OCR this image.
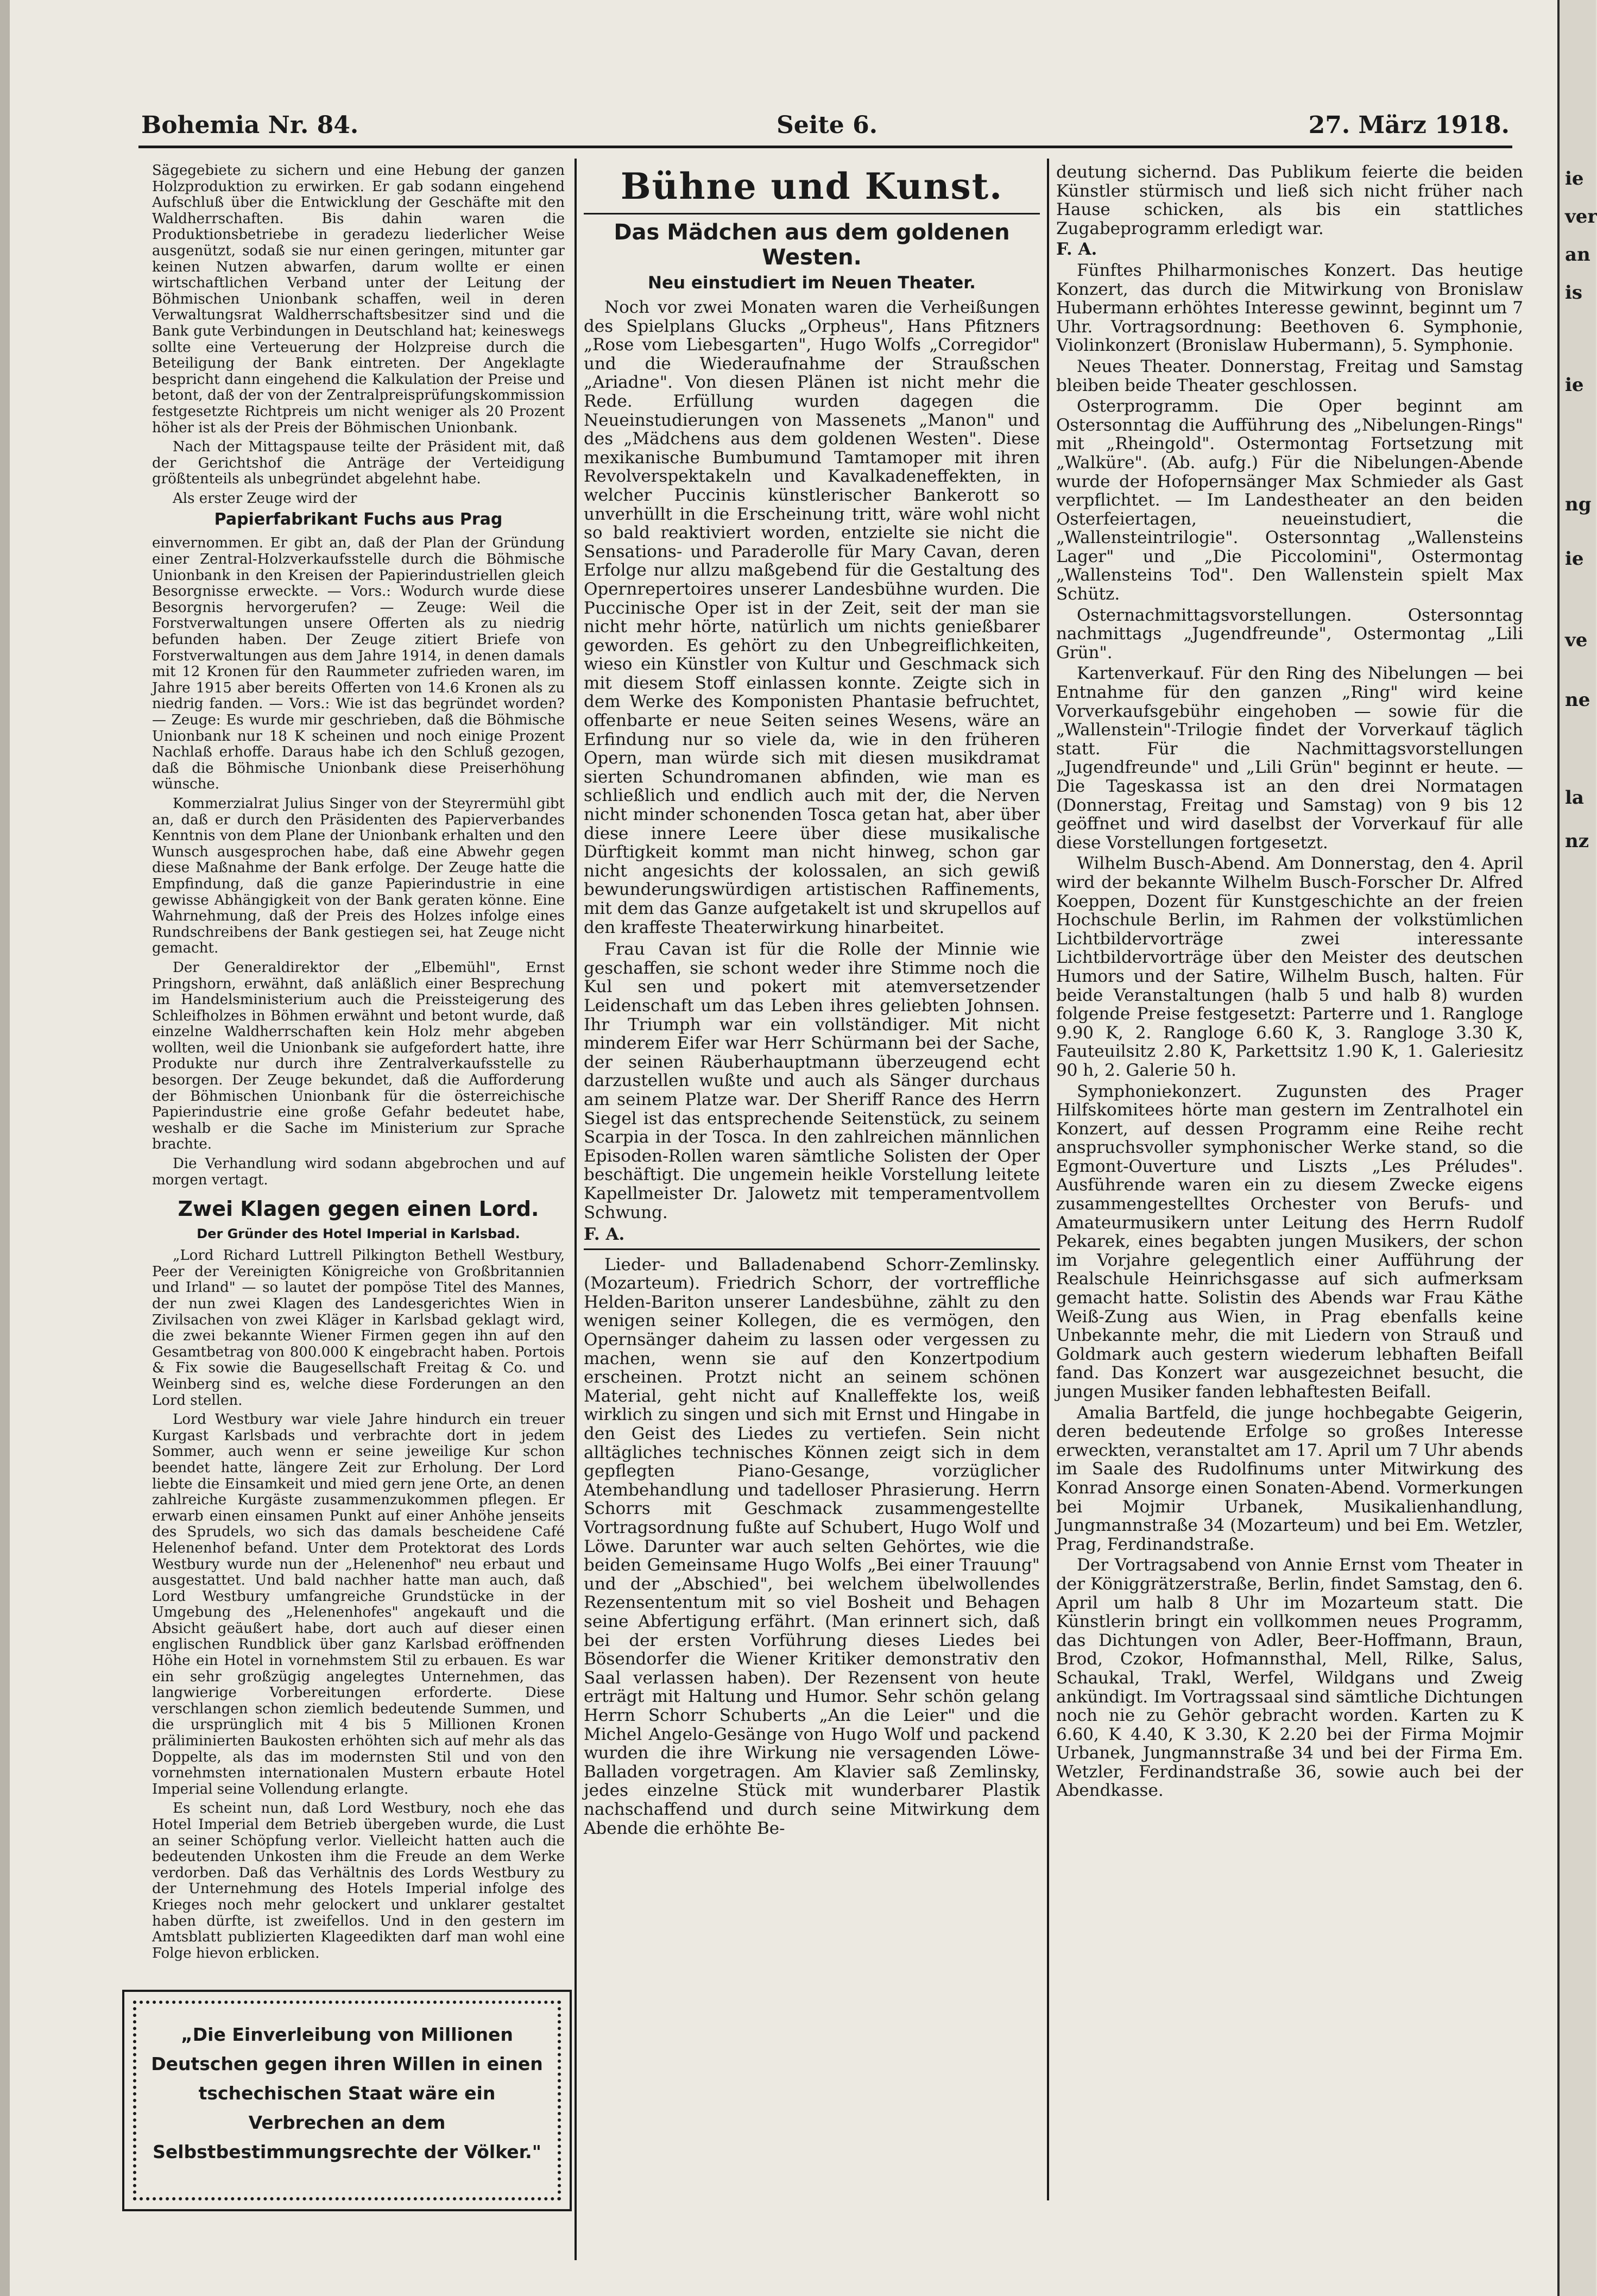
ie
ver
an
is
ie
ng
ie
ve
ne
la
nz
Bohemia Nr. 84.	Seite 6.	27. März 1918.

Sägegebiete zu sichern und eine Hebung der ganzen Holzproduktion zu erwirken. Er gab sodann eingehend Aufschluß über die Entwicklung der Geschäfte mit den Waldherrschaften. Bis dahin waren die Produktionsbetriebe in geradezu liederlicher Weise ausgenützt, sodaß sie nur einen geringen, mitunter gar keinen Nutzen abwarfen, darum wollte er einen wirtschaftlichen Verband unter der Leitung der Böhmischen Unionbank schaffen, weil in deren Verwaltungsrat Waldherrschaftsbesitzer sind und die Bank gute Verbindungen in Deutschland hat; keineswegs sollte eine Verteuerung der Holzpreise durch die Beteiligung der Bank eintreten. Der Angeklagte bespricht dann eingehend die Kalkulation der Preise und betont, daß der von der Zentralpreisprüfungskommission festgesetzte Richtpreis um nicht weniger als 20 Prozent höher ist als der Preis der Böhmischen Unionbank.

Nach der Mittagspause teilte der Präsident mit, daß der Gerichtshof die Anträge der Verteidigung größtenteils als unbegründet abgelehnt habe.

Als erster Zeuge wird der

Papierfabrikant Fuchs aus Prag

einvernommen. Er gibt an, daß der Plan der Gründung einer Zentral-Holzverkaufsstelle durch die Böhmische Unionbank in den Kreisen der Papierindustriellen gleich Besorgnisse erweckte. — Vors.: Wodurch wurde diese Besorgnis hervorgerufen? — Zeuge: Weil die Forstverwaltungen unsere Offerten als zu niedrig befunden haben. Der Zeuge zitiert Briefe von Forstverwaltungen aus dem Jahre 1914, in denen damals mit 12 Kronen für den Raummeter zufrieden waren, im Jahre 1915 aber bereits Offerten von 14.6 Kronen als zu niedrig fanden. — Vors.: Wie ist das begründet worden? — Zeuge: Es wurde mir geschrieben, daß die Böhmische Unionbank nur 18 K scheinen und noch einige Prozent Nachlaß erhoffe. Daraus habe ich den Schluß gezogen, daß die Böhmische Unionbank diese Preiserhöhung wünsche.

Kommerzialrat Julius Singer von der Steyrermühl gibt an, daß er durch den Präsidenten des Papierverbandes Kenntnis von dem Plane der Unionbank erhalten und den Wunsch ausgesprochen habe, daß eine Abwehr gegen diese Maßnahme der Bank erfolge. Der Zeuge hatte die Empfindung, daß die ganze Papierindustrie in eine gewisse Abhängigkeit von der Bank geraten könne. Eine Wahrnehmung, daß der Preis des Holzes infolge eines Rundschreibens der Bank gestiegen sei, hat Zeuge nicht gemacht.

Der Generaldirektor der „Elbemühl", Ernst Pringshorn, erwähnt, daß anläßlich einer Besprechung im Handelsministerium auch die Preissteigerung des Schleifholzes in Böhmen erwähnt und betont wurde, daß einzelne Waldherrschaften kein Holz mehr abgeben wollten, weil die Unionbank sie aufgefordert hatte, ihre Produkte nur durch ihre Zentralverkaufsstelle zu besorgen. Der Zeuge bekundet, daß die Aufforderung der Böhmischen Unionbank für die österreichische Papierindustrie eine große Gefahr bedeutet habe, weshalb er die Sache im Ministerium zur Sprache brachte.

Die Verhandlung wird sodann abgebrochen und auf morgen vertagt.

Zwei Klagen gegen einen Lord.
Der Gründer des Hotel Imperial in Karlsbad.

„Lord Richard Luttrell Pilkington Bethell Westbury, Peer der Vereinigten Königreiche von Großbritannien und Irland" — so lautet der pompöse Titel des Mannes, der nun zwei Klagen des Landesgerichtes Wien in Zivilsachen von zwei Kläger in Karlsbad geklagt wird, die zwei bekannte Wiener Firmen gegen ihn auf den Gesamtbetrag von 800.000 K eingebracht haben. Portois & Fix sowie die Baugesellschaft Freitag & Co. und Weinberg sind es, welche diese Forderungen an den Lord stellen.

Lord Westbury war viele Jahre hindurch ein treuer Kurgast Karlsbads und verbrachte dort in jedem Sommer, auch wenn er seine jeweilige Kur schon beendet hatte, längere Zeit zur Erholung. Der Lord liebte die Einsamkeit und mied gern jene Orte, an denen zahlreiche Kurgäste zusammenzukommen pflegen. Er erwarb einen einsamen Punkt auf einer Anhöhe jenseits des Sprudels, wo sich das damals bescheidene Café Helenenhof befand. Unter dem Protektorat des Lords Westbury wurde nun der „Helenenhof" neu erbaut und ausgestattet. Und bald nachher hatte man auch, daß Lord Westbury umfangreiche Grundstücke in der Umgebung des „Helenenhofes" angekauft und die Absicht geäußert habe, dort auch auf dieser einen englischen Rundblick über ganz Karlsbad eröffnenden Höhe ein Hotel in vornehmstem Stil zu erbauen. Es war ein sehr großzügig angelegtes Unternehmen, das langwierige Vorbereitungen erforderte. Diese verschlangen schon ziemlich bedeutende Summen, und die ursprünglich mit 4 bis 5 Millionen Kronen präliminierten Baukosten erhöhten sich auf mehr als das Doppelte, als das im modernsten Stil und von den vornehmsten internationalen Mustern erbaute Hotel Imperial seine Vollendung erlangte.

Es scheint nun, daß Lord Westbury, noch ehe das Hotel Imperial dem Betrieb übergeben wurde, die Lust an seiner Schöpfung verlor. Vielleicht hatten auch die bedeutenden Unkosten ihm die Freude an dem Werke verdorben. Daß das Verhältnis des Lords Westbury zu der Unternehmung des Hotels Imperial infolge des Krieges noch mehr gelockert und unklarer gestaltet haben dürfte, ist zweifellos. Und in den gestern im Amtsblatt publizierten Klageedikten darf man wohl eine Folge hievon erblicken.

„Die Einverleibung von Millionen Deutschen gegen ihren Willen in einen tschechischen Staat wäre ein Verbrechen an dem Selbstbestimmungsrechte der Völker."
Bühne und Kunst.
Das Mädchen aus dem goldenen Westen.
Neu einstudiert im Neuen Theater.

Noch vor zwei Monaten waren die Verheißungen des Spielplans Glucks „Orpheus", Hans Pfitzners „Rose vom Liebesgarten", Hugo Wolfs „Corregidor" und die Wiederaufnahme der Straußschen „Ariadne". Von diesen Plänen ist nicht mehr die Rede. Erfüllung wurden dagegen die Neueinstudierungen von Massenets „Manon" und des „Mädchens aus dem goldenen Westen". Diese mexikanische Bumbumund Tamtamoper mit ihren Revolverspektakeln und Kavalkadeneffekten, in welcher Puccinis künstlerischer Bankerott so unverhüllt in die Erscheinung tritt, wäre wohl nicht so bald reaktiviert worden, entzielte sie nicht die Sensations- und Paraderolle für Mary Cavan, deren Erfolge nur allzu maßgebend für die Gestaltung des Opernrepertoires unserer Landesbühne wurden. Die Puccinische Oper ist in der Zeit, seit der man sie nicht mehr hörte, natürlich um nichts genießbarer geworden. Es gehört zu den Unbegreiflichkeiten, wieso ein Künstler von Kultur und Geschmack sich mit diesem Stoff einlassen konnte. Zeigte sich in dem Werke des Komponisten Phantasie befruchtet, offenbarte er neue Seiten seines Wesens, wäre an Erfindung nur so viele da, wie in den früheren Opern, man würde sich mit diesen musikdramat sierten Schundromanen abfinden, wie man es schließlich und endlich auch mit der, die Nerven nicht minder schonenden Tosca getan hat, aber über diese innere Leere über diese musikalische Dürftigkeit kommt man nicht hinweg, schon gar nicht angesichts der kolossalen, an sich gewiß bewunderungswürdigen artistischen Raffinements, mit dem das Ganze aufgetakelt ist und skrupellos auf den kraffeste Theaterwirkung hinarbeitet.

Frau Cavan ist für die Rolle der Minnie wie geschaffen, sie schont weder ihre Stimme noch die Kul sen und pokert mit atemversetzender Leidenschaft um das Leben ihres geliebten Johnsen. Ihr Triumph war ein vollständiger. Mit nicht minderem Eifer war Herr Schürmann bei der Sache, der seinen Räuberhauptmann überzeugend echt darzustellen wußte und auch als Sänger durchaus am seinem Platze war. Der Sheriff Rance des Herrn Siegel ist das entsprechende Seitenstück, zu seinem Scarpia in der Tosca. In den zahlreichen männlichen Episoden-Rollen waren sämtliche Solisten der Oper beschäftigt. Die ungemein heikle Vorstellung leitete Kapellmeister Dr. Jalowetz mit temperamentvollem Schwung.

F. A.

Lieder- und Balladenabend Schorr-Zemlinsky. (Mozarteum). Friedrich Schorr, der vortreffliche Helden-Bariton unserer Landesbühne, zählt zu den wenigen seiner Kollegen, die es vermögen, den Opernsänger daheim zu lassen oder vergessen zu machen, wenn sie auf den Konzertpodium erscheinen. Protzt nicht an seinem schönen Material, geht nicht auf Knalleffekte los, weiß wirklich zu singen und sich mit Ernst und Hingabe in den Geist des Liedes zu vertiefen. Sein nicht alltägliches technisches Können zeigt sich in dem gepflegten Piano-Gesange, vorzüglicher Atembehandlung und tadelloser Phrasierung. Herrn Schorrs mit Geschmack zusammengestellte Vortragsordnung fußte auf Schubert, Hugo Wolf und Löwe. Darunter war auch selten Gehörtes, wie die beiden Gemeinsame Hugo Wolfs „Bei einer Trauung" und der „Abschied", bei welchem übelwollendes Rezensententum mit so viel Bosheit und Behagen seine Abfertigung erfährt. (Man erinnert sich, daß bei der ersten Vorführung dieses Liedes bei Bösendorfer die Wiener Kritiker demonstrativ den Saal verlassen haben). Der Rezensent von heute erträgt mit Haltung und Humor. Sehr schön gelang Herrn Schorr Schuberts „An die Leier" und die Michel Angelo-Gesänge von Hugo Wolf und packend wurden die ihre Wirkung nie versagenden Löwe-Balladen vorgetragen. Am Klavier saß Zemlinsky, jedes einzelne Stück mit wunderbarer Plastik nachschaffend und durch seine Mitwirkung dem Abende die erhöhte Be-

deutung sichernd. Das Publikum feierte die beiden Künstler stürmisch und ließ sich nicht früher nach Hause schicken, als bis ein stattliches Zugabeprogramm erledigt war.

F. A.

Fünftes Philharmonisches Konzert. Das heutige Konzert, das durch die Mitwirkung von Bronislaw Hubermann erhöhtes Interesse gewinnt, beginnt um 7 Uhr. Vortragsordnung: Beethoven 6. Symphonie, Violinkonzert (Bronislaw Hubermann), 5. Symphonie.

Neues Theater. Donnerstag, Freitag und Samstag bleiben beide Theater geschlossen.

Osterprogramm. Die Oper beginnt am Ostersonntag die Aufführung des „Nibelungen-Rings" mit „Rheingold". Ostermontag Fortsetzung mit „Walküre". (Ab. aufg.) Für die Nibelungen-Abende wurde der Hofopernsänger Max Schmieder als Gast verpflichtet. — Im Landestheater an den beiden Osterfeiertagen, neueinstudiert, die „Wallensteintrilogie". Ostersonntag „Wallensteins Lager" und „Die Piccolomini", Ostermontag „Wallensteins Tod". Den Wallenstein spielt Max Schütz.

Osternachmittagsvorstellungen. Ostersonntag nachmittags „Jugendfreunde", Ostermontag „Lili Grün".

Kartenverkauf. Für den Ring des Nibelungen — bei Entnahme für den ganzen „Ring" wird keine Vorverkaufsgebühr eingehoben — sowie für die „Wallenstein"-Trilogie findet der Vorverkauf täglich statt. Für die Nachmittagsvorstellungen „Jugendfreunde" und „Lili Grün" beginnt er heute. — Die Tageskassa ist an den drei Normatagen (Donnerstag, Freitag und Samstag) von 9 bis 12 geöffnet und wird daselbst der Vorverkauf für alle diese Vorstellungen fortgesetzt.

Wilhelm Busch-Abend. Am Donnerstag, den 4. April wird der bekannte Wilhelm Busch-Forscher Dr. Alfred Koeppen, Dozent für Kunstgeschichte an der freien Hochschule Berlin, im Rahmen der volkstümlichen Lichtbildervorträge zwei interessante Lichtbildervorträge über den Meister des deutschen Humors und der Satire, Wilhelm Busch, halten. Für beide Veranstaltungen (halb 5 und halb 8) wurden folgende Preise festgesetzt: Parterre und 1. Rangloge 9.90 K, 2. Rangloge 6.60 K, 3. Rangloge 3.30 K, Fauteuilsitz 2.80 K, Parkettsitz 1.90 K, 1. Galeriesitz 90 h, 2. Galerie 50 h.

Symphoniekonzert. Zugunsten des Prager Hilfskomitees hörte man gestern im Zentralhotel ein Konzert, auf dessen Programm eine Reihe recht anspruchsvoller symphonischer Werke stand, so die Egmont-Ouverture und Liszts „Les Préludes". Ausführende waren ein zu diesem Zwecke eigens zusammengestelltes Orchester von Berufs- und Amateurmusikern unter Leitung des Herrn Rudolf Pekarek, eines begabten jungen Musikers, der schon im Vorjahre gelegentlich einer Aufführung der Realschule Heinrichsgasse auf sich aufmerksam gemacht hatte. Solistin des Abends war Frau Käthe Weiß-Zung aus Wien, in Prag ebenfalls keine Unbekannte mehr, die mit Liedern von Strauß und Goldmark auch gestern wiederum lebhaften Beifall fand. Das Konzert war ausgezeichnet besucht, die jungen Musiker fanden lebhaftesten Beifall.

Amalia Bartfeld, die junge hochbegabte Geigerin, deren bedeutende Erfolge so großes Interesse erweckten, veranstaltet am 17. April um 7 Uhr abends im Saale des Rudolfinums unter Mitwirkung des Konrad Ansorge einen Sonaten-Abend. Vormerkungen bei Mojmir Urbanek, Musikalienhandlung, Jungmannstraße 34 (Mozarteum) und bei Em. Wetzler, Prag, Ferdinandstraße.

Der Vortragsabend von Annie Ernst vom Theater in der Königgrätzerstraße, Berlin, findet Samstag, den 6. April um halb 8 Uhr im Mozarteum statt. Die Künstlerin bringt ein vollkommen neues Programm, das Dichtungen von Adler, Beer-Hoffmann, Braun, Brod, Czokor, Hofmannsthal, Mell, Rilke, Salus, Schaukal, Trakl, Werfel, Wildgans und Zweig ankündigt. Im Vortragssaal sind sämtliche Dichtungen noch nie zu Gehör gebracht worden. Karten zu K 6.60, K 4.40, K 3.30, K 2.20 bei der Firma Mojmir Urbanek, Jungmannstraße 34 und bei der Firma Em. Wetzler, Ferdinandstraße 36, sowie auch bei der Abendkasse.
